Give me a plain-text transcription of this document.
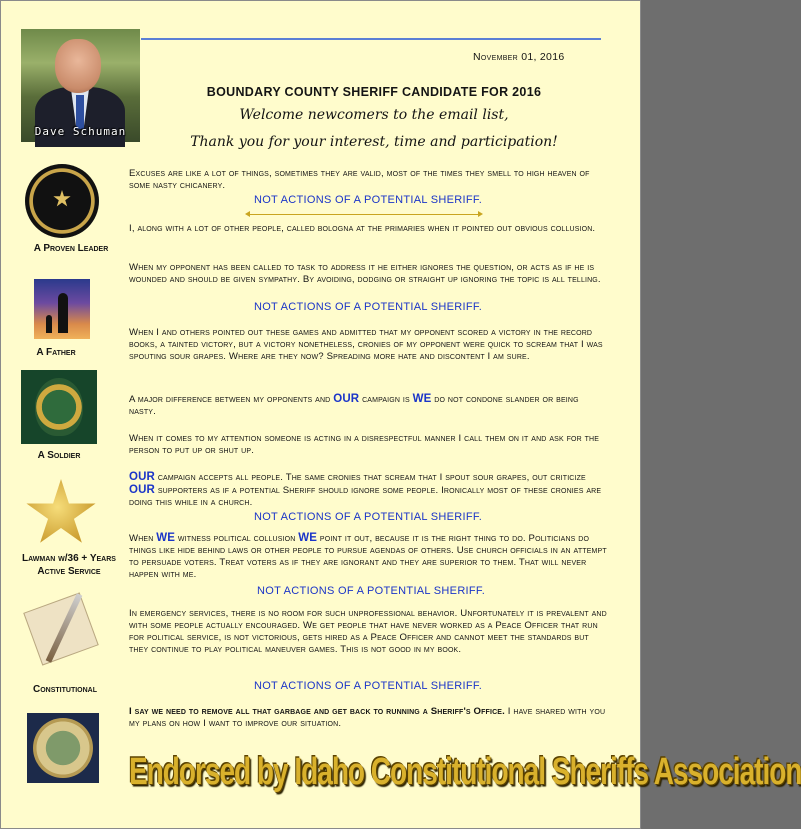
Dave Schuman
November 01, 2016
BOUNDARY COUNTY SHERIFF CANDIDATE FOR 2016
Welcome newcomers to the email list,
Thank you for your interest, time and participation!
A Proven Leader
A Father
A Soldier
Lawman w/36 + Years Active Service
Constitutional
Excuses are like a lot of things, sometimes they are valid, most of the times they smell to high heaven of some nasty chicanery.
NOT ACTIONS OF A POTENTIAL SHERIFF.
I, along with a lot of other people, called bologna at the primaries when it pointed out obvious collusion.
When my opponent has been called to task to address it he either ignores the question, or acts as if he is wounded and should be given sympathy. By avoiding, dodging or straight up ignoring the topic is all telling.
NOT ACTIONS OF A POTENTIAL SHERIFF.
When I and others pointed out these games and admitted that my opponent scored a victory in the record books, a tainted victory, but a victory nonetheless, cronies of my opponent were quick to scream that I was spouting sour grapes. Where are they now? Spreading more hate and discontent I am sure.
A major difference between my opponents and OUR campaign is WE do not condone slander or being nasty.
When it comes to my attention someone is acting in a disrespectful manner I call them on it and ask for the person to put up or shut up.
OUR campaign accepts all people. The same cronies that scream that I spout sour grapes, out criticize OUR supporters as if a potential Sheriff should ignore some people. Ironically most of these cronies are doing this while in a church.
NOT ACTIONS OF A POTENTIAL SHERIFF.
When WE witness political collusion WE point it out, because it is the right thing to do. Politicians do things like hide behind laws or other people to pursue agendas of others. Use church officials in an attempt to persuade voters. Treat voters as if they are ignorant and they are superior to them. That will never happen with me.
NOT ACTIONS OF A POTENTIAL SHERIFF.
In emergency services, there is no room for such unprofessional behavior. Unfortunately it is prevalent and with some people actually encouraged. We get people that have never worked as a Peace Officer that run for political service, is not victorious, gets hired as a Peace Officer and cannot meet the standards but they continue to play political maneuver games. This is not good in my book.
NOT ACTIONS OF A POTENTIAL SHERIFF.
I say we need to remove all that garbage and get back to running a Sheriff's Office. I have shared with you my plans on how I want to improve our situation.
Endorsed by Idaho Constitutional Sheriffs Association
